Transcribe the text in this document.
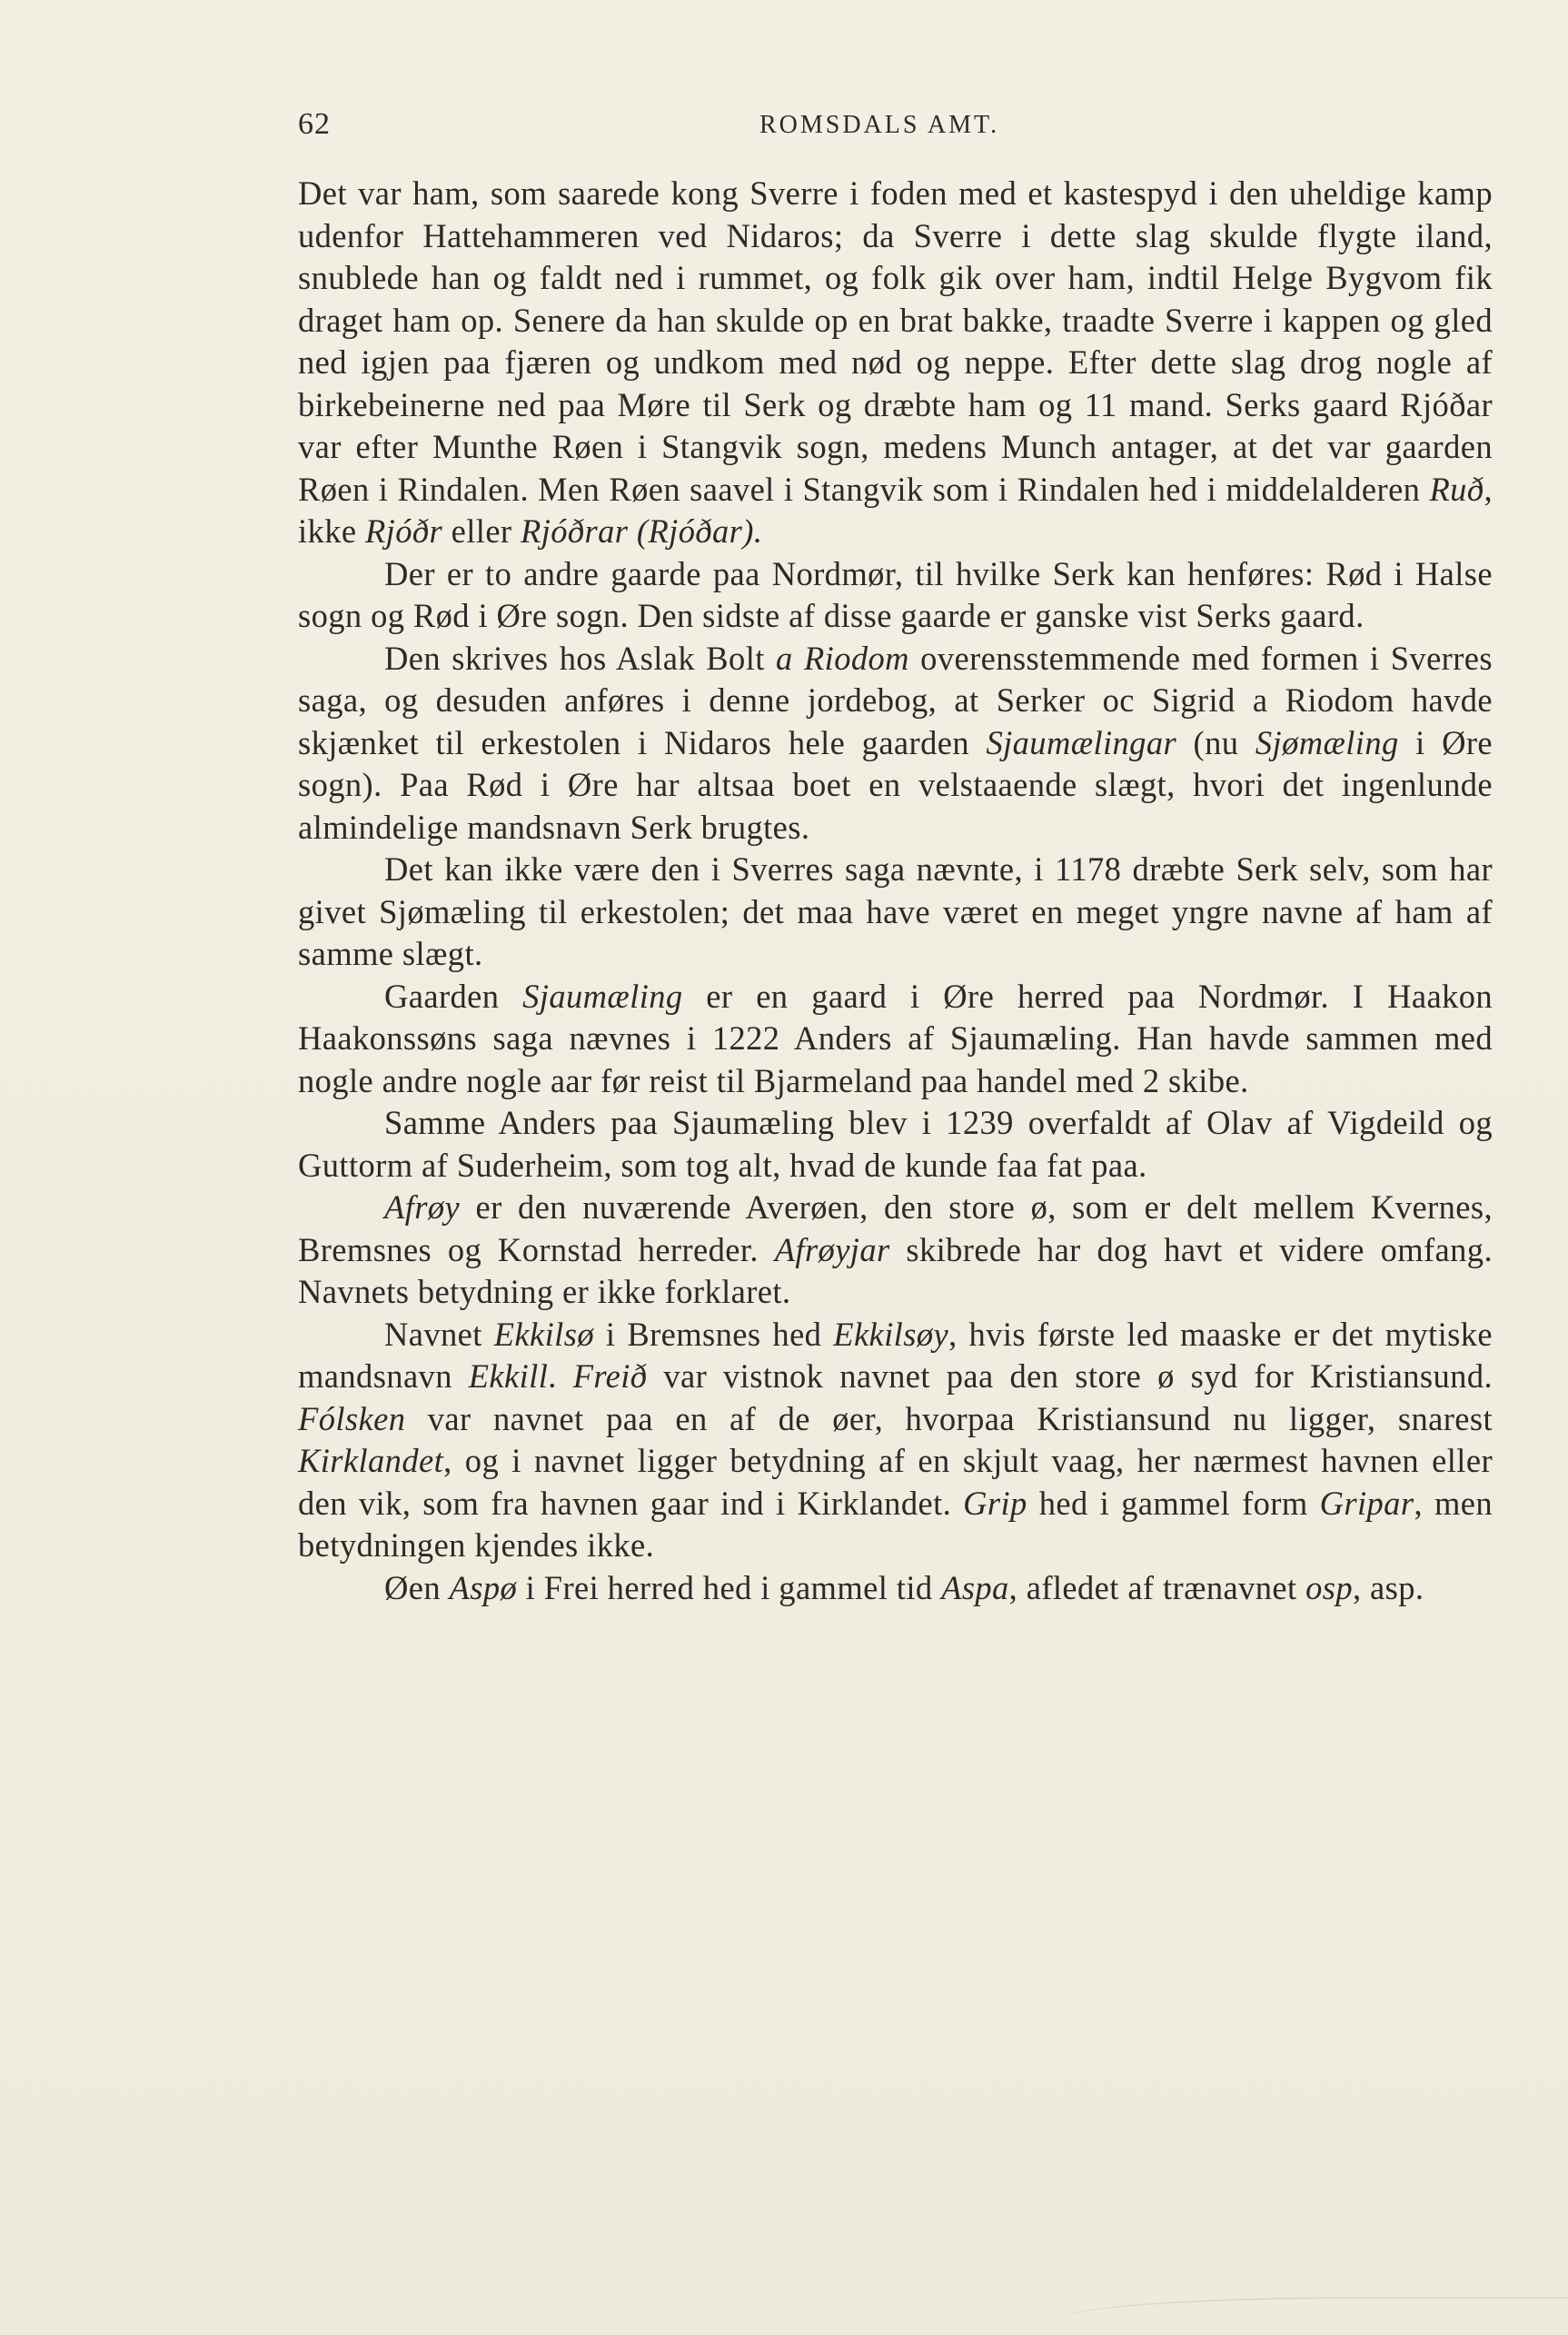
62	ROMSDALS AMT.

Det var ham, som saarede kong Sverre i foden med et kastespyd i den uheldige kamp udenfor Hattehammeren ved Nidaros; da Sverre i dette slag skulde flygte iland, snublede han og faldt ned i rummet, og folk gik over ham, indtil Helge Bygvom fik draget ham op. Senere da han skulde op en brat bakke, traadte Sverre i kappen og gled ned igjen paa fjæren og undkom med nød og neppe. Efter dette slag drog nogle af birkebeinerne ned paa Møre til Serk og dræbte ham og 11 mand. Serks gaard Rjóðar var efter Munthe Røen i Stangvik sogn, medens Munch antager, at det var gaarden Røen i Rindalen. Men Røen saavel i Stangvik som i Rindalen hed i middelalderen Ruð, ikke Rjóðr eller Rjóðrar (Rjóðar).

Der er to andre gaarde paa Nordmør, til hvilke Serk kan henføres: Rød i Halse sogn og Rød i Øre sogn. Den sidste af disse gaarde er ganske vist Serks gaard.

Den skrives hos Aslak Bolt a Riodom overensstemmende med formen i Sverres saga, og desuden anføres i denne jordebog, at Serker oc Sigrid a Riodom havde skjænket til erkestolen i Nidaros hele gaarden Sjaumælingar (nu Sjømæling i Øre sogn). Paa Rød i Øre har altsaa boet en velstaaende slægt, hvori det ingenlunde almindelige mandsnavn Serk brugtes.

Det kan ikke være den i Sverres saga nævnte, i 1178 dræbte Serk selv, som har givet Sjømæling til erkestolen; det maa have været en meget yngre navne af ham af samme slægt.

Gaarden Sjaumæling er en gaard i Øre herred paa Nordmør. I Haakon Haakonssøns saga nævnes i 1222 Anders af Sjaumæling. Han havde sammen med nogle andre nogle aar før reist til Bjarmeland paa handel med 2 skibe.

Samme Anders paa Sjaumæling blev i 1239 overfaldt af Olav af Vigdeild og Guttorm af Suderheim, som tog alt, hvad de kunde faa fat paa.

Afrøy er den nuværende Averøen, den store ø, som er delt mellem Kvernes, Bremsnes og Kornstad herreder. Afrøyjar skibrede har dog havt et videre omfang. Navnets betydning er ikke forklaret.

Navnet Ekkilsø i Bremsnes hed Ekkilsøy, hvis første led maaske er det mytiske mandsnavn Ekkill. Freið var vistnok navnet paa den store ø syd for Kristiansund. Fólsken var navnet paa en af de øer, hvorpaa Kristiansund nu ligger, snarest Kirklandet, og i navnet ligger betydning af en skjult vaag, her nærmest havnen eller den vik, som fra havnen gaar ind i Kirklandet. Grip hed i gammel form Gripar, men betydningen kjendes ikke.

Øen Aspø i Frei herred hed i gammel tid Aspa, afledet af trænavnet osp, asp.
